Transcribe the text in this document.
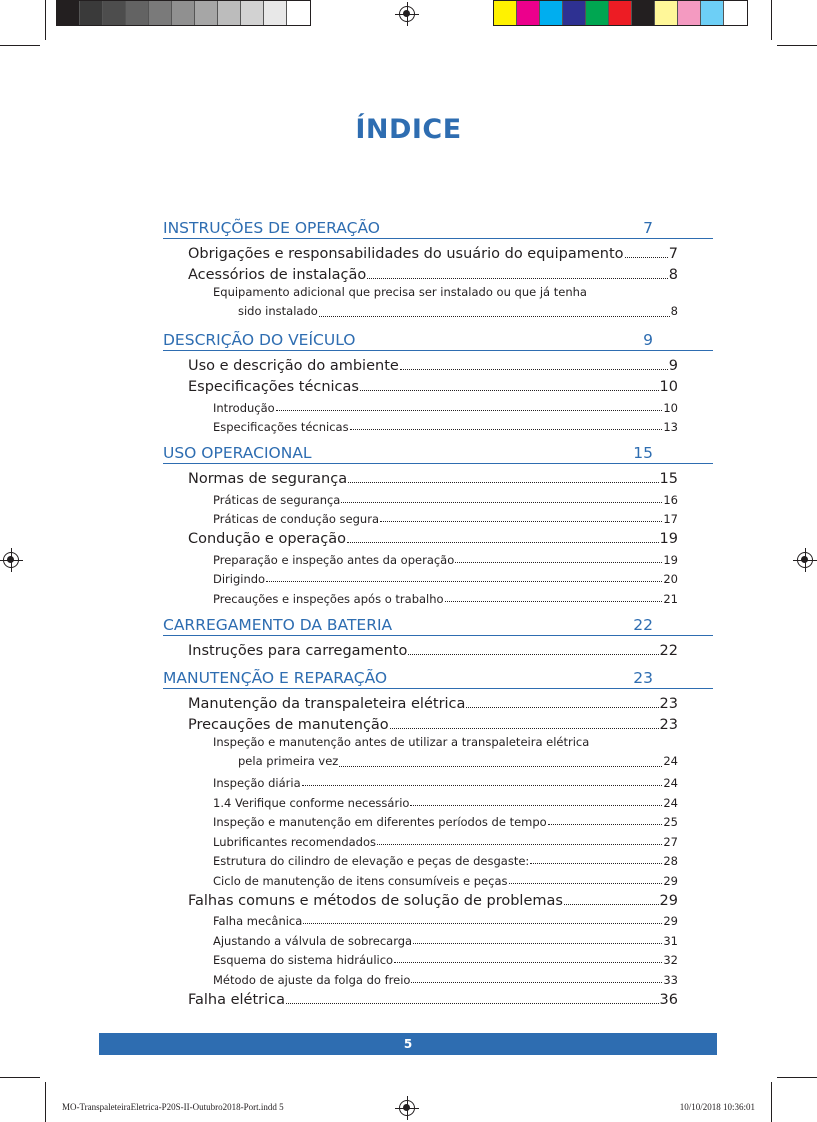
ÍNDICE
INSTRUÇÕES DE OPERAÇÃO	7
Obrigações e responsabilidades do usuário do equipamento	7
Acessórios de instalação	8
Equipamento adicional que precisa ser instalado ou que já tenha
sido instalado	8
DESCRIÇÃO DO VEÍCULO	9
Uso e descrição do ambiente	9
Especificações técnicas	10
Introdução	10
Especificações técnicas	13
USO OPERACIONAL	15
Normas de segurança	15
Práticas de segurança	16
Práticas de condução segura	17
Condução e operação	19
Preparação e inspeção antes da operação	19
Dirigindo	20
Precauções e inspeções após o trabalho	21
CARREGAMENTO DA BATERIA	22
Instruções para carregamento	22
MANUTENÇÃO E REPARAÇÃO	23
Manutenção da transpaleteira elétrica	23
Precauções de manutenção	23
Inspeção e manutenção antes de utilizar a transpaleteira elétrica
pela primeira vez	24
Inspeção diária	24
1.4 Verifique conforme necessário	24
Inspeção e manutenção em diferentes períodos de tempo	25
Lubrificantes recomendados	27
Estrutura do cilindro de elevação e peças de desgaste:	28
Ciclo de manutenção de itens consumíveis e peças	29
Falhas comuns e métodos de solução de problemas	29
Falha mecânica	29
Ajustando a válvula de sobrecarga	31
Esquema do sistema hidráulico	32
Método de ajuste da folga do freio	33
Falha elétrica	36
5
MO-TranspaleteiraEletrica-P20S-II-Outubro2018-Port.indd 5	10/10/2018 10:36:01
